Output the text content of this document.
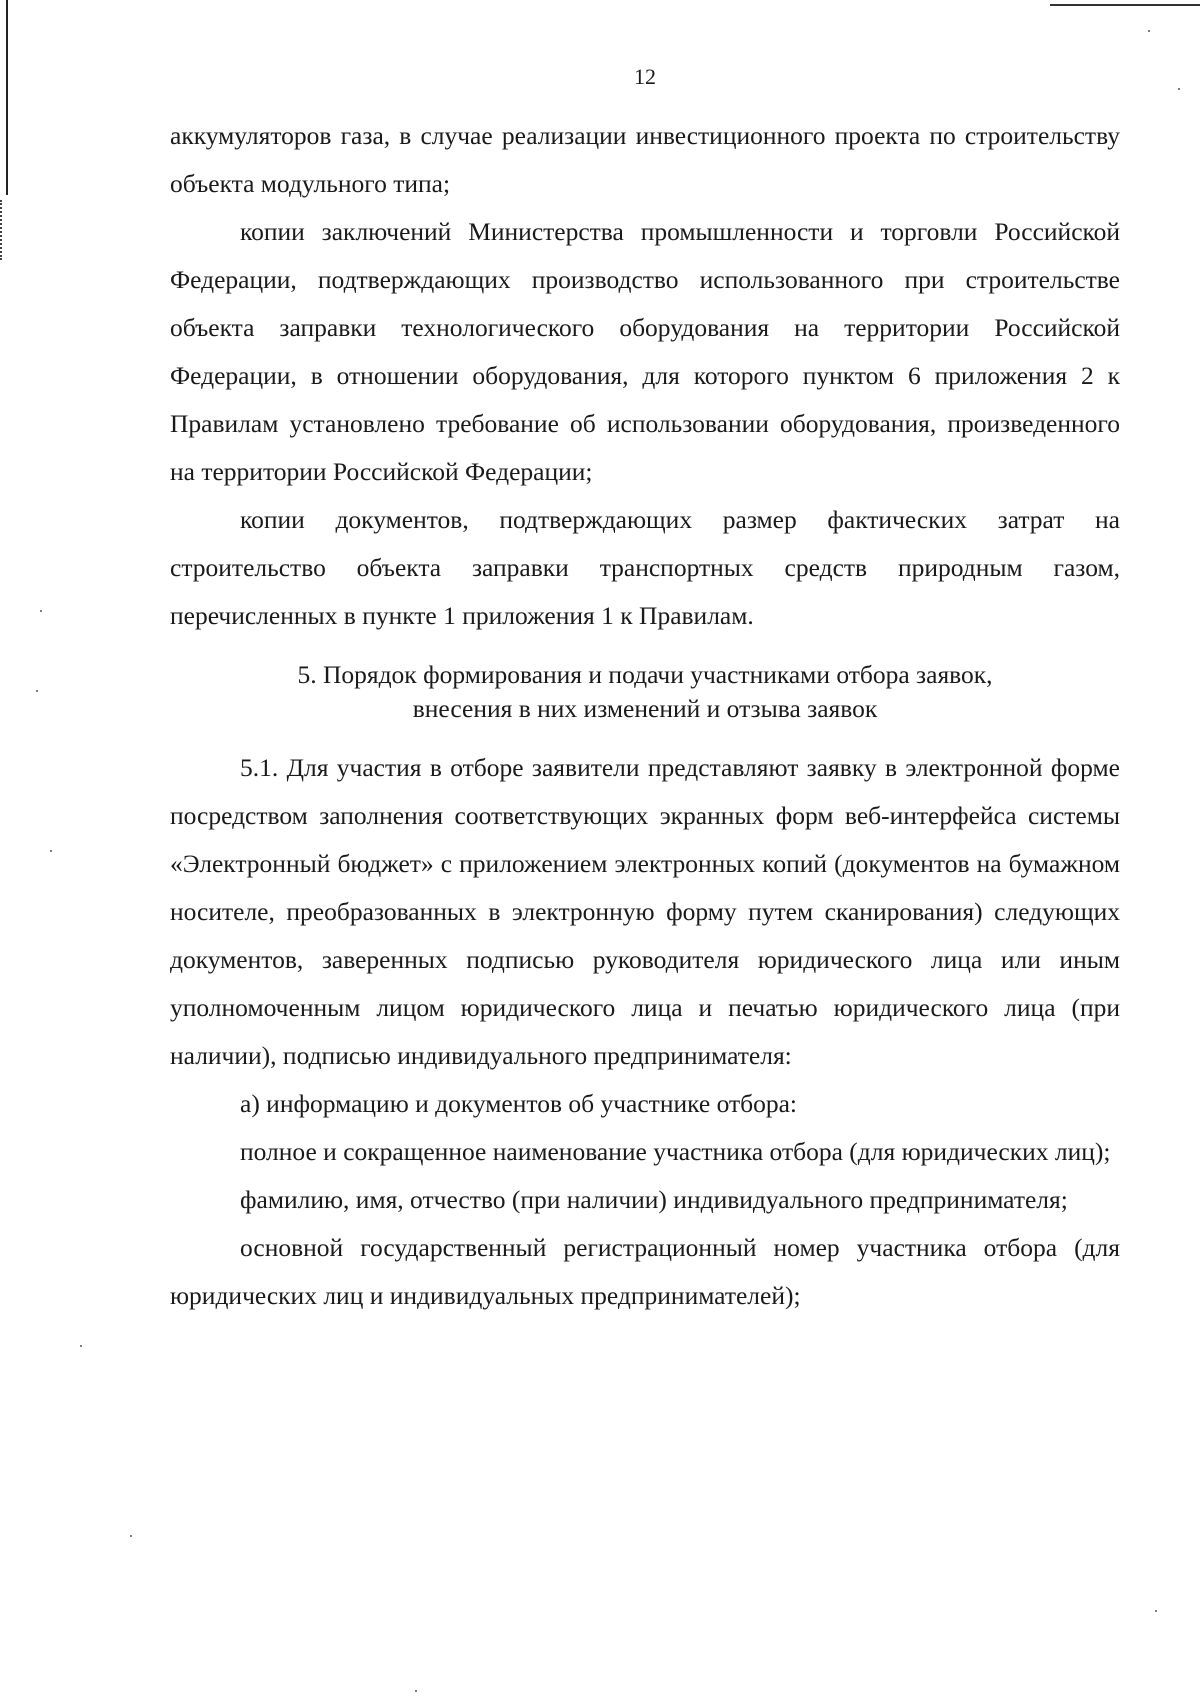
12

аккумуляторов газа, в случае реализации инвестиционного проекта по строительству объекта модульного типа;

копии заключений Министерства промышленности и торговли Российской Федерации, подтверждающих производство использованного при строительстве объекта заправки технологического оборудования на территории Российской Федерации, в отношении оборудования, для которого пунктом 6 приложения 2 к Правилам установлено требование об использовании оборудования, произведенного на территории Российской Федерации;

копии документов, подтверждающих размер фактических затрат на строительство объекта заправки транспортных средств природным газом, перечисленных в пункте 1 приложения 1 к Правилам.

5. Порядок формирования и подачи участниками отбора заявок,
внесения в них изменений и отзыва заявок

5.1. Для участия в отборе заявители представляют заявку в электронной форме посредством заполнения соответствующих экранных форм веб-интерфейса системы «Электронный бюджет» с приложением электронных копий (документов на бумажном носителе, преобразованных в электронную форму путем сканирования) следующих документов, заверенных подписью руководителя юридического лица или иным уполномоченным лицом юридического лица и печатью юридического лица (при наличии), подписью индивидуального предпринимателя:

а) информацию и документов об участнике отбора:

полное и сокращенное наименование участника отбора (для юридических лиц);

фамилию, имя, отчество (при наличии) индивидуального предпринимателя;

основной государственный регистрационный номер участника отбора (для юридических лиц и индивидуальных предпринимателей);
